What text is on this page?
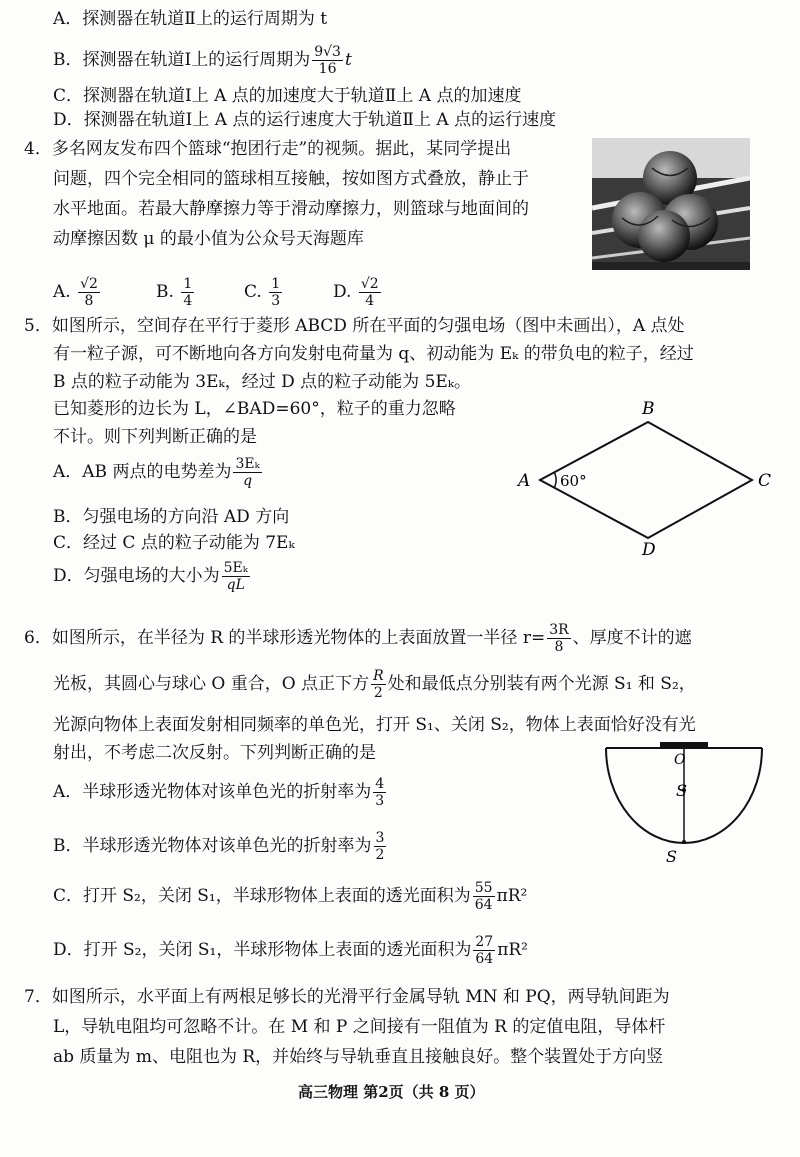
A．探测器在轨道Ⅱ上的运行周期为 t
B．探测器在轨道Ⅰ上的运行周期为 $\frac{9√3}{16}$ t
C．探测器在轨道Ⅰ上 A 点的加速度大于轨道Ⅱ上 A 点的加速度
D．探测器在轨道Ⅰ上 A 点的运行速度大于轨道Ⅱ上 A 点的运行速度
4．多名网友发布四个篮球“抱团行走”的视频。据此，某同学提出
问题，四个完全相同的篮球相互接触，按如图方式叠放，静止于
水平地面。若最大静摩擦力等于滑动摩擦力，则篮球与地面间的
动摩擦因数 μ 的最小值为公众号天海题库
A. $\frac{√2}{8}$	B. $\frac{1}{4}$	C. $\frac{1}{3}$	D. $\frac{√2}{4}$
5．如图所示，空间存在平行于菱形 ABCD 所在平面的匀强电场（图中未画出），A 点处
有一粒子源，可不断地向各方向发射电荷量为 q、初动能为 Eₖ 的带负电的粒子，经过
B 点的粒子动能为 3Eₖ，经过 D 点的粒子动能为 5Eₖ。
已知菱形的边长为 L，∠BAD=60°，粒子的重力忽略
不计。则下列判断正确的是
A．AB 两点的电势差为 $\frac{\text{3Eₖ}}{q}$
B．匀强电场的方向沿 AD 方向
C．经过 C 点的粒子动能为 7Eₖ
D．匀强电场的大小为 $\frac{\text{5Eₖ}}{qL}$
A
B
C
D
60°
6．如图所示，在半径为 R 的半球形透光物体的上表面放置一半径 $r= \frac{3R}{8}$ 、厚度不计的遮
光板，其圆心与球心 O 重合，O 点正下方 $\frac{R}{2}$ 处和最低点分别装有两个光源 S₁ 和 S₂，
光源向物体上表面发射相同频率的单色光，打开 S₁、关闭 S₂，物体上表面恰好没有光
射出，不考虑二次反射。下列判断正确的是
A．半球形透光物体对该单色光的折射率为 $\frac{4}{3}$
B．半球形透光物体对该单色光的折射率为 $\frac{3}{2}$
C．打开 S₂，关闭 S₁，半球形物体上表面的透光面积为 $\frac{55}{64} \pi R^2$
D．打开 S₂，关闭 S₁，半球形物体上表面的透光面积为 $\frac{27}{64} \pi R^2$
O
S
S
7．如图所示，水平面上有两根足够长的光滑平行金属导轨 MN 和 PQ，两导轨间距为
L，导轨电阻均可忽略不计。在 M 和 P 之间接有一阻值为 R 的定值电阻，导体杆
ab 质量为 m、电阻也为 R，并始终与导轨垂直且接触良好。整个装置处于方向竖
高三物理 第2页（共 8 页）
